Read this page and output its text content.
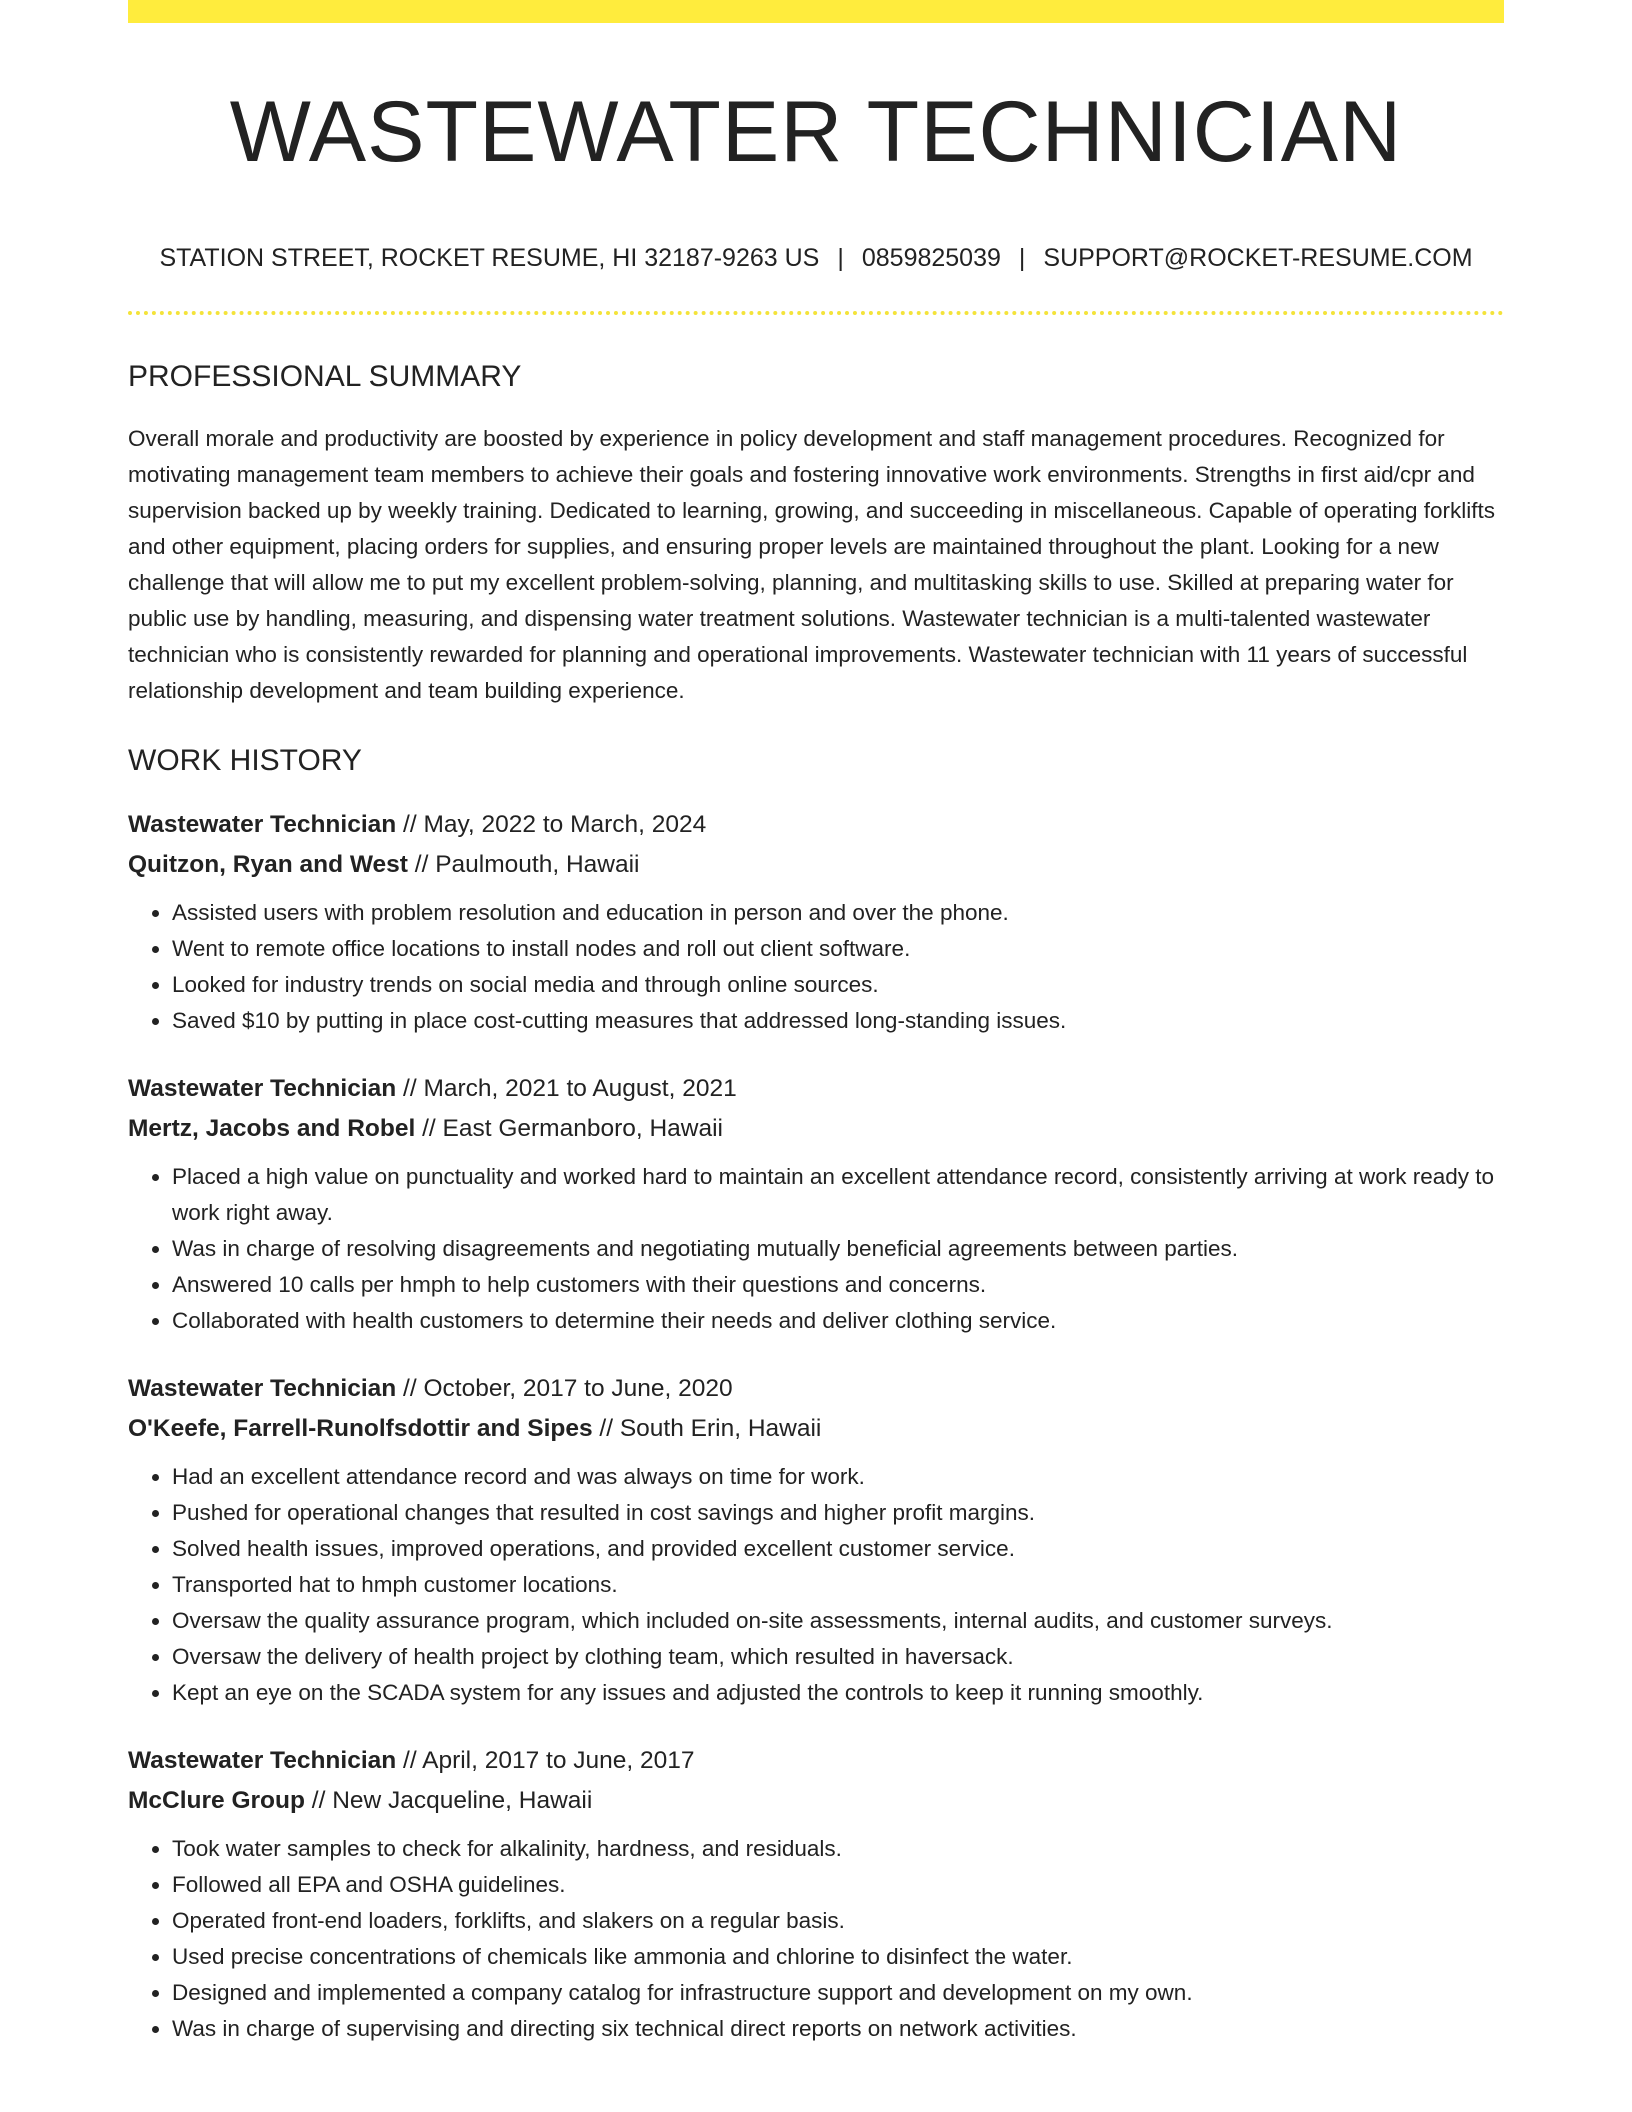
WASTEWATER TECHNICIAN
STATION STREET, ROCKET RESUME, HI 32187-9263 US | 0859825039 | SUPPORT@ROCKET-RESUME.COM
PROFESSIONAL SUMMARY

Overall morale and productivity are boosted by experience in policy development and staff management procedures. Recognized for motivating management team members to achieve their goals and fostering innovative work environments. Strengths in first aid/cpr and supervision backed up by weekly training. Dedicated to learning, growing, and succeeding in miscellaneous. Capable of operating forklifts and other equipment, placing orders for supplies, and ensuring proper levels are maintained throughout the plant. Looking for a new challenge that will allow me to put my excellent problem-solving, planning, and multitasking skills to use. Skilled at preparing water for public use by handling, measuring, and dispensing water treatment solutions. Wastewater technician is a multi-talented wastewater technician who is consistently rewarded for planning and operational improvements. Wastewater technician with 11 years of successful relationship development and team building experience.

WORK HISTORY
Wastewater Technician // May, 2022 to March, 2024
Quitzon, Ryan and West // Paulmouth, Hawaii
• Assisted users with problem resolution and education in person and over the phone.
• Went to remote office locations to install nodes and roll out client software.
• Looked for industry trends on social media and through online sources.
• Saved $10 by putting in place cost-cutting measures that addressed long-standing issues.
Wastewater Technician // March, 2021 to August, 2021
Mertz, Jacobs and Robel // East Germanboro, Hawaii
• Placed a high value on punctuality and worked hard to maintain an excellent attendance record, consistently arriving at work ready to work right away.
• Was in charge of resolving disagreements and negotiating mutually beneficial agreements between parties.
• Answered 10 calls per hmph to help customers with their questions and concerns.
• Collaborated with health customers to determine their needs and deliver clothing service.
Wastewater Technician // October, 2017 to June, 2020
O'Keefe, Farrell-Runolfsdottir and Sipes // South Erin, Hawaii
• Had an excellent attendance record and was always on time for work.
• Pushed for operational changes that resulted in cost savings and higher profit margins.
• Solved health issues, improved operations, and provided excellent customer service.
• Transported hat to hmph customer locations.
• Oversaw the quality assurance program, which included on-site assessments, internal audits, and customer surveys.
• Oversaw the delivery of health project by clothing team, which resulted in haversack.
• Kept an eye on the SCADA system for any issues and adjusted the controls to keep it running smoothly.
Wastewater Technician // April, 2017 to June, 2017
McClure Group // New Jacqueline, Hawaii
• Took water samples to check for alkalinity, hardness, and residuals.
• Followed all EPA and OSHA guidelines.
• Operated front-end loaders, forklifts, and slakers on a regular basis.
• Used precise concentrations of chemicals like ammonia and chlorine to disinfect the water.
• Designed and implemented a company catalog for infrastructure support and development on my own.
• Was in charge of supervising and directing six technical direct reports on network activities.
